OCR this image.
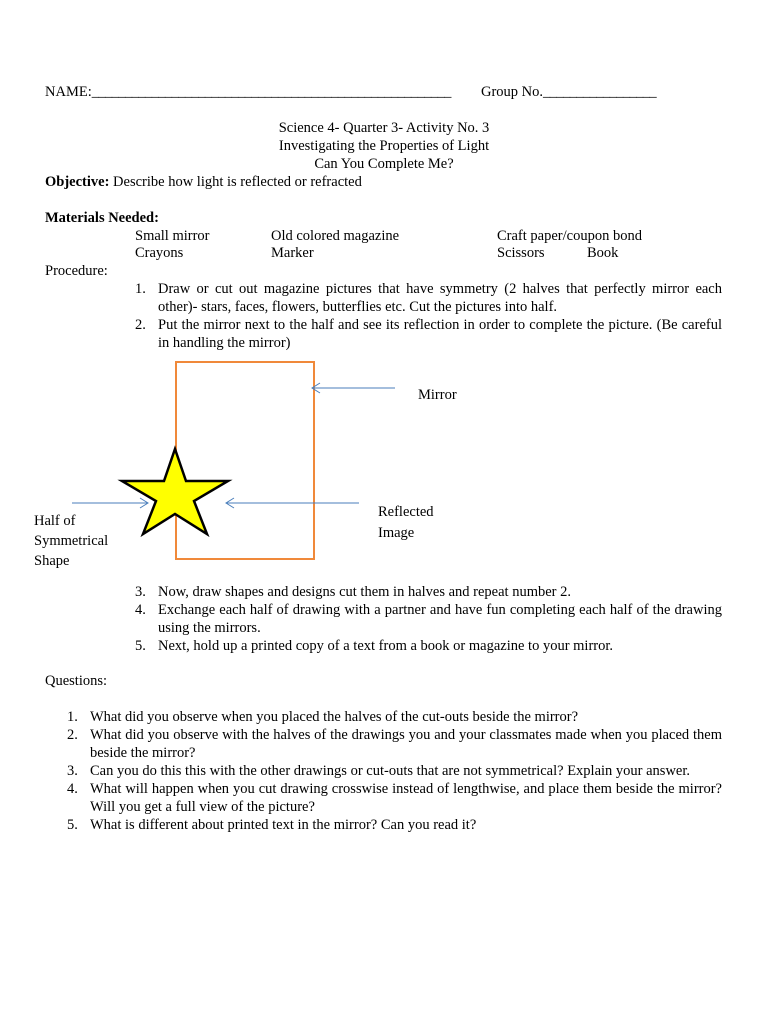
NAME:______________________________________________________ Group No._________________
Science 4- Quarter 3- Activity No. 3
Investigating the Properties of Light
Can You Complete Me?
Objective: Describe how light is reflected or refracted
Materials Needed:
Small mirror	Old colored magazine	Craft paper/coupon bond
Crayons	Marker	Scissors	Book
Procedure:
1. Draw or cut out magazine pictures that have symmetry (2 halves that perfectly mirror each other)- stars, faces, flowers, butterflies etc. Cut the pictures into half.
2. Put the mirror next to the half and see its reflection in order to complete the picture. (Be careful in handling the mirror)
Mirror
Reflected
Image
Half of
Symmetrical
Shape
3. Now, draw shapes and designs cut them in halves and repeat number 2.
4. Exchange each half of drawing with a partner and have fun completing each half of the drawing using the mirrors.
5. Next, hold up a printed copy of a text from a book or magazine to your mirror.
Questions:
1. What did you observe when you placed the halves of the cut-outs beside the mirror?
2. What did you observe with the halves of the drawings you and your classmates made when you placed them beside the mirror?
3. Can you do this this with the other drawings or cut-outs that are not symmetrical? Explain your answer.
4. What will happen when you cut drawing crosswise instead of lengthwise, and place them beside the mirror? Will you get a full view of the picture?
5. What is different about printed text in the mirror? Can you read it?
